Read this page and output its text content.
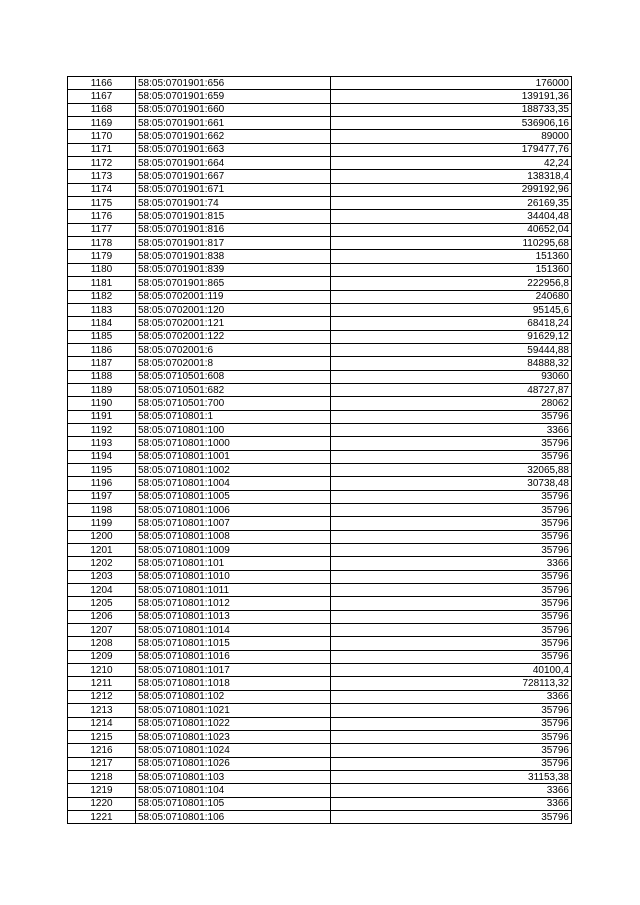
1166	58:05:0701901:656	176000
1167	58:05:0701901:659	139191,36
1168	58:05:0701901:660	188733,35
1169	58:05:0701901:661	536906,16
1170	58:05:0701901:662	89000
1171	58:05:0701901:663	179477,76
1172	58:05:0701901:664	42,24
1173	58:05:0701901:667	138318,4
1174	58:05:0701901:671	299192,96
1175	58:05:0701901:74	26169,35
1176	58:05:0701901:815	34404,48
1177	58:05:0701901:816	40652,04
1178	58:05:0701901:817	110295,68
1179	58:05:0701901:838	151360
1180	58:05:0701901:839	151360
1181	58:05:0701901:865	222956,8
1182	58:05:0702001:119	240680
1183	58:05:0702001:120	95145,6
1184	58:05:0702001:121	68418,24
1185	58:05:0702001:122	91629,12
1186	58:05:0702001:6	59444,88
1187	58:05:0702001:8	84888,32
1188	58:05:0710501:608	93060
1189	58:05:0710501:682	48727,87
1190	58:05:0710501:700	28062
1191	58:05:0710801:1	35796
1192	58:05:0710801:100	3366
1193	58:05:0710801:1000	35796
1194	58:05:0710801:1001	35796
1195	58:05:0710801:1002	32065,88
1196	58:05:0710801:1004	30738,48
1197	58:05:0710801:1005	35796
1198	58:05:0710801:1006	35796
1199	58:05:0710801:1007	35796
1200	58:05:0710801:1008	35796
1201	58:05:0710801:1009	35796
1202	58:05:0710801:101	3366
1203	58:05:0710801:1010	35796
1204	58:05:0710801:1011	35796
1205	58:05:0710801:1012	35796
1206	58:05:0710801:1013	35796
1207	58:05:0710801:1014	35796
1208	58:05:0710801:1015	35796
1209	58:05:0710801:1016	35796
1210	58:05:0710801:1017	40100,4
1211	58:05:0710801:1018	728113,32
1212	58:05:0710801:102	3366
1213	58:05:0710801:1021	35796
1214	58:05:0710801:1022	35796
1215	58:05:0710801:1023	35796
1216	58:05:0710801:1024	35796
1217	58:05:0710801:1026	35796
1218	58:05:0710801:103	31153,38
1219	58:05:0710801:104	3366
1220	58:05:0710801:105	3366
1221	58:05:0710801:106	35796
